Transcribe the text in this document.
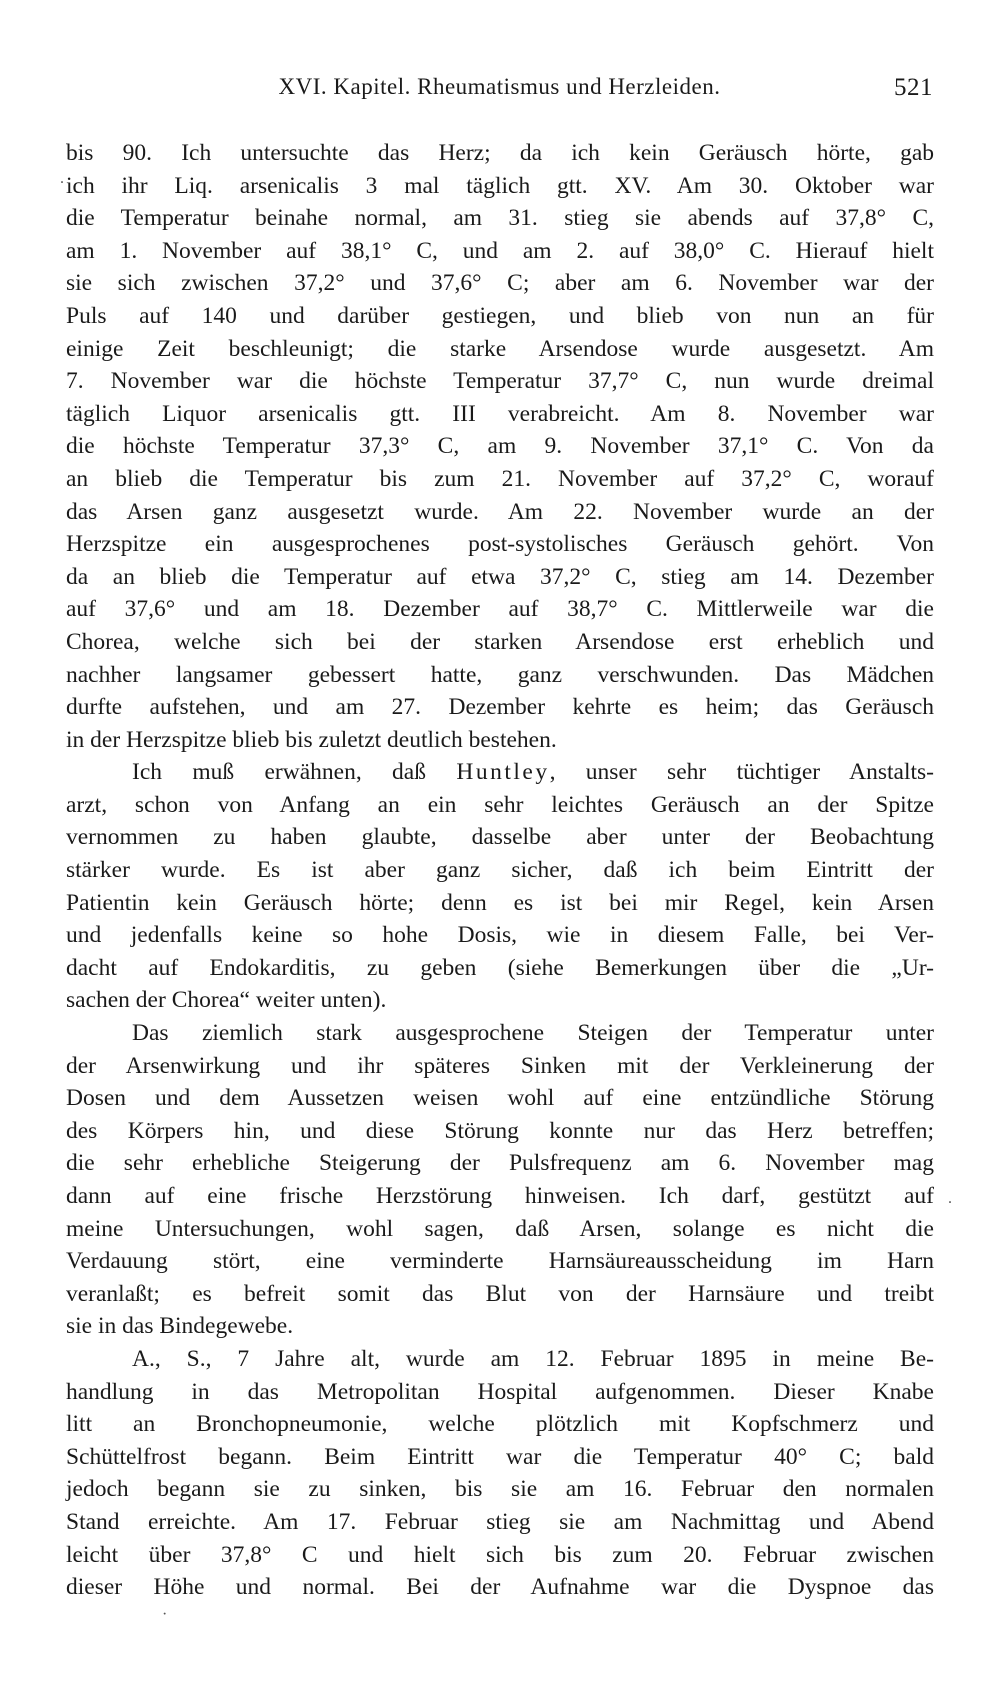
XVI. Kapitel. Rheumatismus und Herzleiden.	521
.
.
·
bis 90. Ich untersuchte das Herz; da ich kein Geräusch hörte, gab
ich ihr Liq. arsenicalis 3 mal täglich gtt. XV. Am 30. Oktober war
die Temperatur beinahe normal, am 31. stieg sie abends auf 37,8° C,
am 1. November auf 38,1° C, und am 2. auf 38,0° C. Hierauf hielt
sie sich zwischen 37,2° und 37,6° C; aber am 6. November war der
Puls auf 140 und darüber gestiegen, und blieb von nun an für
einige Zeit beschleunigt; die starke Arsendose wurde ausgesetzt. Am
7. November war die höchste Temperatur 37,7° C, nun wurde dreimal
täglich Liquor arsenicalis gtt. III verabreicht. Am 8. November war
die höchste Temperatur 37,3° C, am 9. November 37,1° C. Von da
an blieb die Temperatur bis zum 21. November auf 37,2° C, worauf
das Arsen ganz ausgesetzt wurde. Am 22. November wurde an der
Herzspitze ein ausgesprochenes post-systolisches Geräusch gehört. Von
da an blieb die Temperatur auf etwa 37,2° C, stieg am 14. Dezember
auf 37,6° und am 18. Dezember auf 38,7° C. Mittlerweile war die
Chorea, welche sich bei der starken Arsendose erst erheblich und
nachher langsamer gebessert hatte, ganz verschwunden. Das Mädchen
durfte aufstehen, und am 27. Dezember kehrte es heim; das Geräusch
in der Herzspitze blieb bis zuletzt deutlich bestehen.
Ich muß erwähnen, daß Huntley, unser sehr tüchtiger Anstalts-
arzt, schon von Anfang an ein sehr leichtes Geräusch an der Spitze
vernommen zu haben glaubte, dasselbe aber unter der Beobachtung
stärker wurde. Es ist aber ganz sicher, daß ich beim Eintritt der
Patientin kein Geräusch hörte; denn es ist bei mir Regel, kein Arsen
und jedenfalls keine so hohe Dosis, wie in diesem Falle, bei Ver-
dacht auf Endokarditis, zu geben (siehe Bemerkungen über die „Ur-
sachen der Chorea“ weiter unten).
Das ziemlich stark ausgesprochene Steigen der Temperatur unter
der Arsenwirkung und ihr späteres Sinken mit der Verkleinerung der
Dosen und dem Aussetzen weisen wohl auf eine entzündliche Störung
des Körpers hin, und diese Störung konnte nur das Herz betreffen;
die sehr erhebliche Steigerung der Pulsfrequenz am 6. November mag
dann auf eine frische Herzstörung hinweisen. Ich darf, gestützt auf
meine Untersuchungen, wohl sagen, daß Arsen, solange es nicht die
Verdauung stört, eine verminderte Harnsäureausscheidung im Harn
veranlaßt; es befreit somit das Blut von der Harnsäure und treibt
sie in das Bindegewebe.
A., S., 7 Jahre alt, wurde am 12. Februar 1895 in meine Be-
handlung in das Metropolitan Hospital aufgenommen. Dieser Knabe
litt an Bronchopneumonie, welche plötzlich mit Kopfschmerz und
Schüttelfrost begann. Beim Eintritt war die Temperatur 40° C; bald
jedoch begann sie zu sinken, bis sie am 16. Februar den normalen
Stand erreichte. Am 17. Februar stieg sie am Nachmittag und Abend
leicht über 37,8° C und hielt sich bis zum 20. Februar zwischen
dieser Höhe und normal. Bei der Aufnahme war die Dyspnoe das
